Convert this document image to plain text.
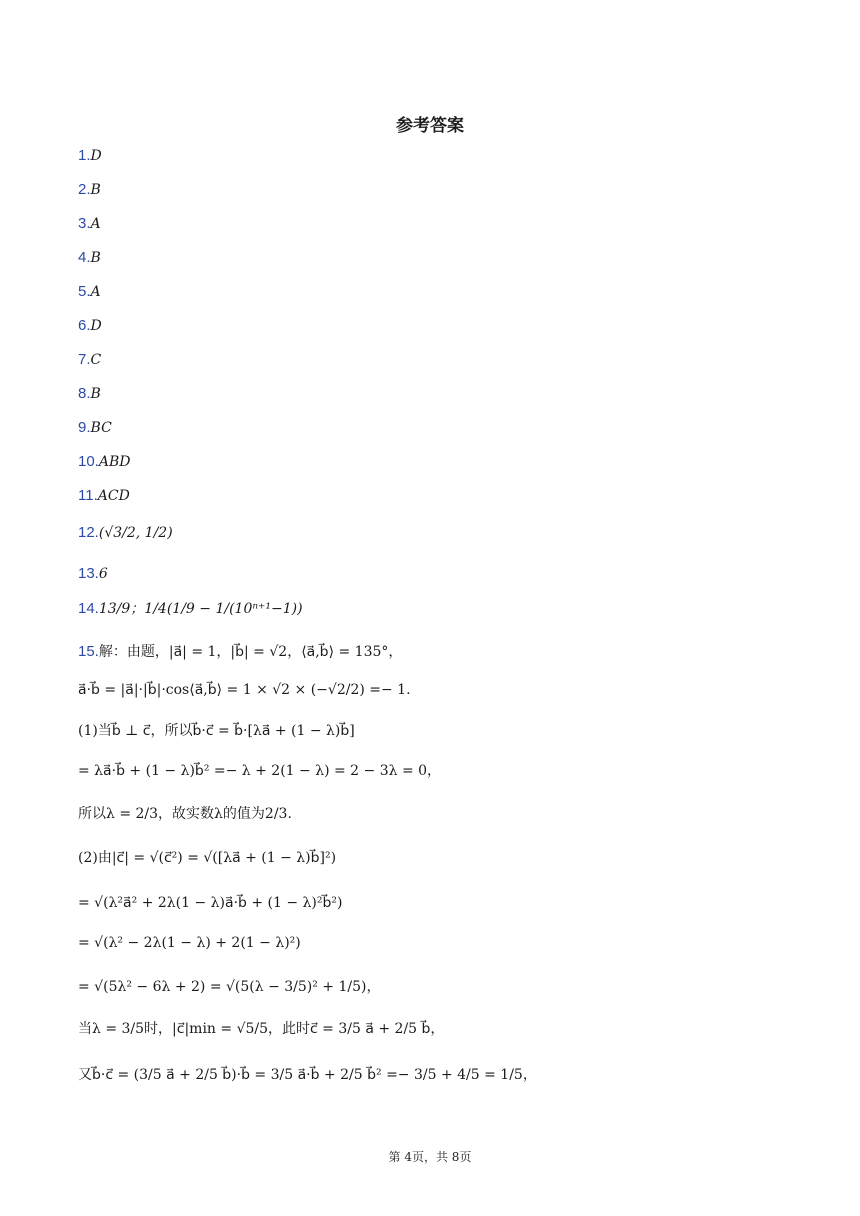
参考答案
1.D
2.B
3.A
4.B
5.A
6.D
7.C
8.B
9.BC
10.ABD
11.ACD
12.(√3/2, 1/2)
13.6
14.13/9；1/4(1/9 − 1/(10ⁿ⁺¹−1))
15.解：由题，|a⃗| = 1，|b⃗| = √2，⟨a⃗,b⃗⟩ = 135°，
a⃗·b⃗ = |a⃗|·|b⃗|·cos⟨a⃗,b⃗⟩ = 1 × √2 × (−√2/2) =− 1.
(1)当b⃗ ⊥ c⃗，所以b⃗·c⃗ = b⃗·[λa⃗ + (1 − λ)b⃗]
= λa⃗·b⃗ + (1 − λ)b⃗² =− λ + 2(1 − λ) = 2 − 3λ = 0，
所以λ = 2/3，故实数λ的值为2/3.
(2)由|c⃗| = √(c⃗²) = √([λa⃗ + (1 − λ)b⃗]²)
= √(λ²a⃗² + 2λ(1 − λ)a⃗·b⃗ + (1 − λ)²b⃗²)
= √(λ² − 2λ(1 − λ) + 2(1 − λ)²)
= √(5λ² − 6λ + 2) = √(5(λ − 3/5)² + 1/5)，
当λ = 3/5时，|c⃗|min = √5/5，此时c⃗ = 3/5 a⃗ + 2/5 b⃗，
又b⃗·c⃗ = (3/5 a⃗ + 2/5 b⃗)·b⃗ = 3/5 a⃗·b⃗ + 2/5 b⃗² =− 3/5 + 4/5 = 1/5，
第 4页，共 8页
